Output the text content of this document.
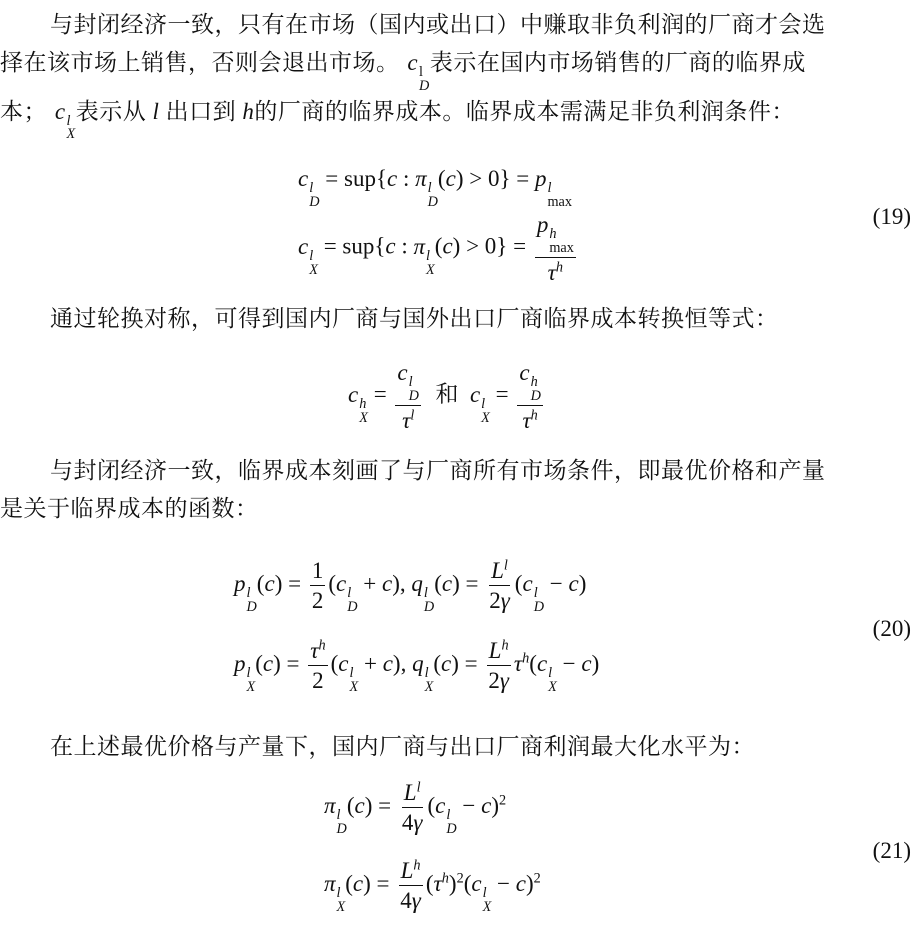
与封闭经济一致，只有在市场（国内或出口）中赚取非负利润的厂商才会选
择在该市场上销售，否则会退出市场。 c l
D
表示在国内市场销售的厂商的临界成
本； c l
X
表示从 l 出口到 h的厂商的临界成本。临界成本需满足非负利润条件：
c l
D
= sup{c : π l
D
(c) > 0} = p l
max
c l
X
= sup{c : π l
X
(c) > 0} = p h
max
$\tau^h$	(19)
通过轮换对称，可得到国内厂商与国外出口厂商临界成本转换恒等式：
c h
X
= c l
D
$\tau^l$ 和 c l
X
= c h
D
$\tau^h$
与封闭经济一致，临界成本刻画了与厂商所有市场条件，即最优价格和产量
是关于临界成本的函数：
p l
D
$(c) = \frac{1}{2} (c$ l
D
+ c), q l
D
$(c) = \frac{L^l}{2\gamma} (c$ l
D
− c)
p l
X
$(c) = \frac{\tau^h}{2} (c$ l
X
+ c), q l
X
$(c) = \frac{L^h}{2\gamma} \tau^h(c$ l
X
− c)
(20)
在上述最优价格与产量下，国内厂商与出口厂商利润最大化水平为：
π l
D
$(c) = \frac{L^l}{4\gamma} (c$ l
D
− c)$^2$
π l
X
$(c) = \frac{L^h}{4\gamma} (\tau^h)^2(c$ l
X
− c)$^2$
(21)
